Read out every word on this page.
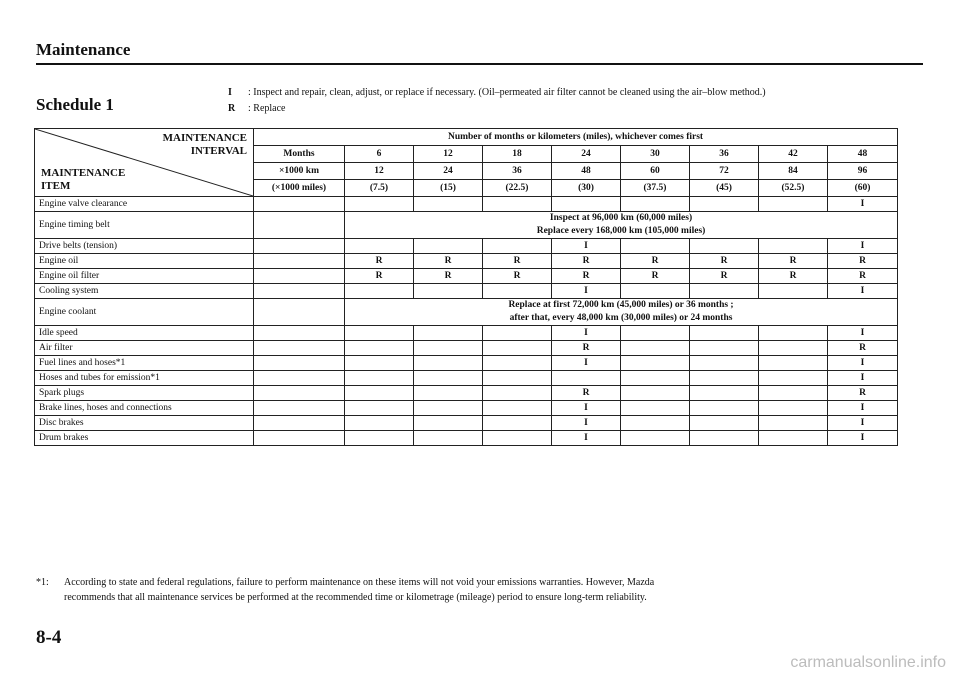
Maintenance
Schedule 1
I : Inspect and repair, clean, adjust, or replace if necessary. (Oil–permeated air filter cannot be cleaned using the air–blow method.)
R : Replace
MAINTENANCE
INTERVAL
MAINTENANCE
ITEM	Number of months or kilometers (miles), whichever comes first								
	Months	6	12	18	24	30	36	42	48
	×1000 km	12	24	36	48	60	72	84	96
	(×1000 miles)	(7.5)	(15)	(22.5)	(30)	(37.5)	(45)	(52.5)	(60)
Engine valve clearance									I
Engine timing belt		Inspect at 96,000 km (60,000 miles)
Replace every 168,000 km (105,000 miles)							

Drive belts (tension)					I				I
Engine oil		R	R	R	R	R	R	R	R
Engine oil filter		R	R	R	R	R	R	R	R
Cooling system					I				I
Engine coolant		Replace at first 72,000 km (45,000 miles) or 36 months ;
after that, every 48,000 km (30,000 miles) or 24 months							

Idle speed					I				I
Air filter					R				R
Fuel lines and hoses*1					I				I
Hoses and tubes for emission*1									I
Spark plugs					R				R
Brake lines, hoses and connections					I				I
Disc brakes					I				I
Drum brakes					I				I
*1: According to state and federal regulations, failure to perform maintenance on these items will not void your emissions warranties. However, Mazda
recommends that all maintenance services be performed at the recommended time or kilometrage (mileage) period to ensure long-term reliability.
8-4
carmanualsonline.info
